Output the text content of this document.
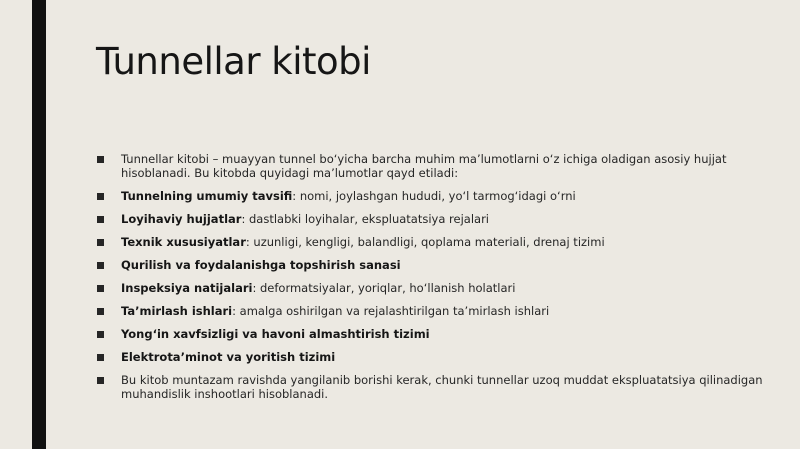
Tunnellar kitobi
Tunnellar kitobi – muayyan tunnel bo‘yicha barcha muhim ma’lumotlarni o‘z ichiga oladigan asosiy hujjat hisoblanadi. Bu kitobda quyidagi ma’lumotlar qayd etiladi:
Tunnelning umumiy tavsifi: nomi, joylashgan hududi, yo‘l tarmog‘idagi o‘rni
Loyihaviy hujjatlar: dastlabki loyihalar, ekspluatatsiya rejalari
Texnik xususiyatlar: uzunligi, kengligi, balandligi, qoplama materiali, drenaj tizimi
Qurilish va foydalanishga topshirish sanasi
Inspeksiya natijalari: deformatsiyalar, yoriqlar, ho‘llanish holatlari
Ta’mirlash ishlari: amalga oshirilgan va rejalashtirilgan ta’mirlash ishlari
Yong‘in xavfsizligi va havoni almashtirish tizimi
Elektrota’minot va yoritish tizimi
Bu kitob muntazam ravishda yangilanib borishi kerak, chunki tunnellar uzoq muddat ekspluatatsiya qilinadigan muhandislik inshootlari hisoblanadi.
